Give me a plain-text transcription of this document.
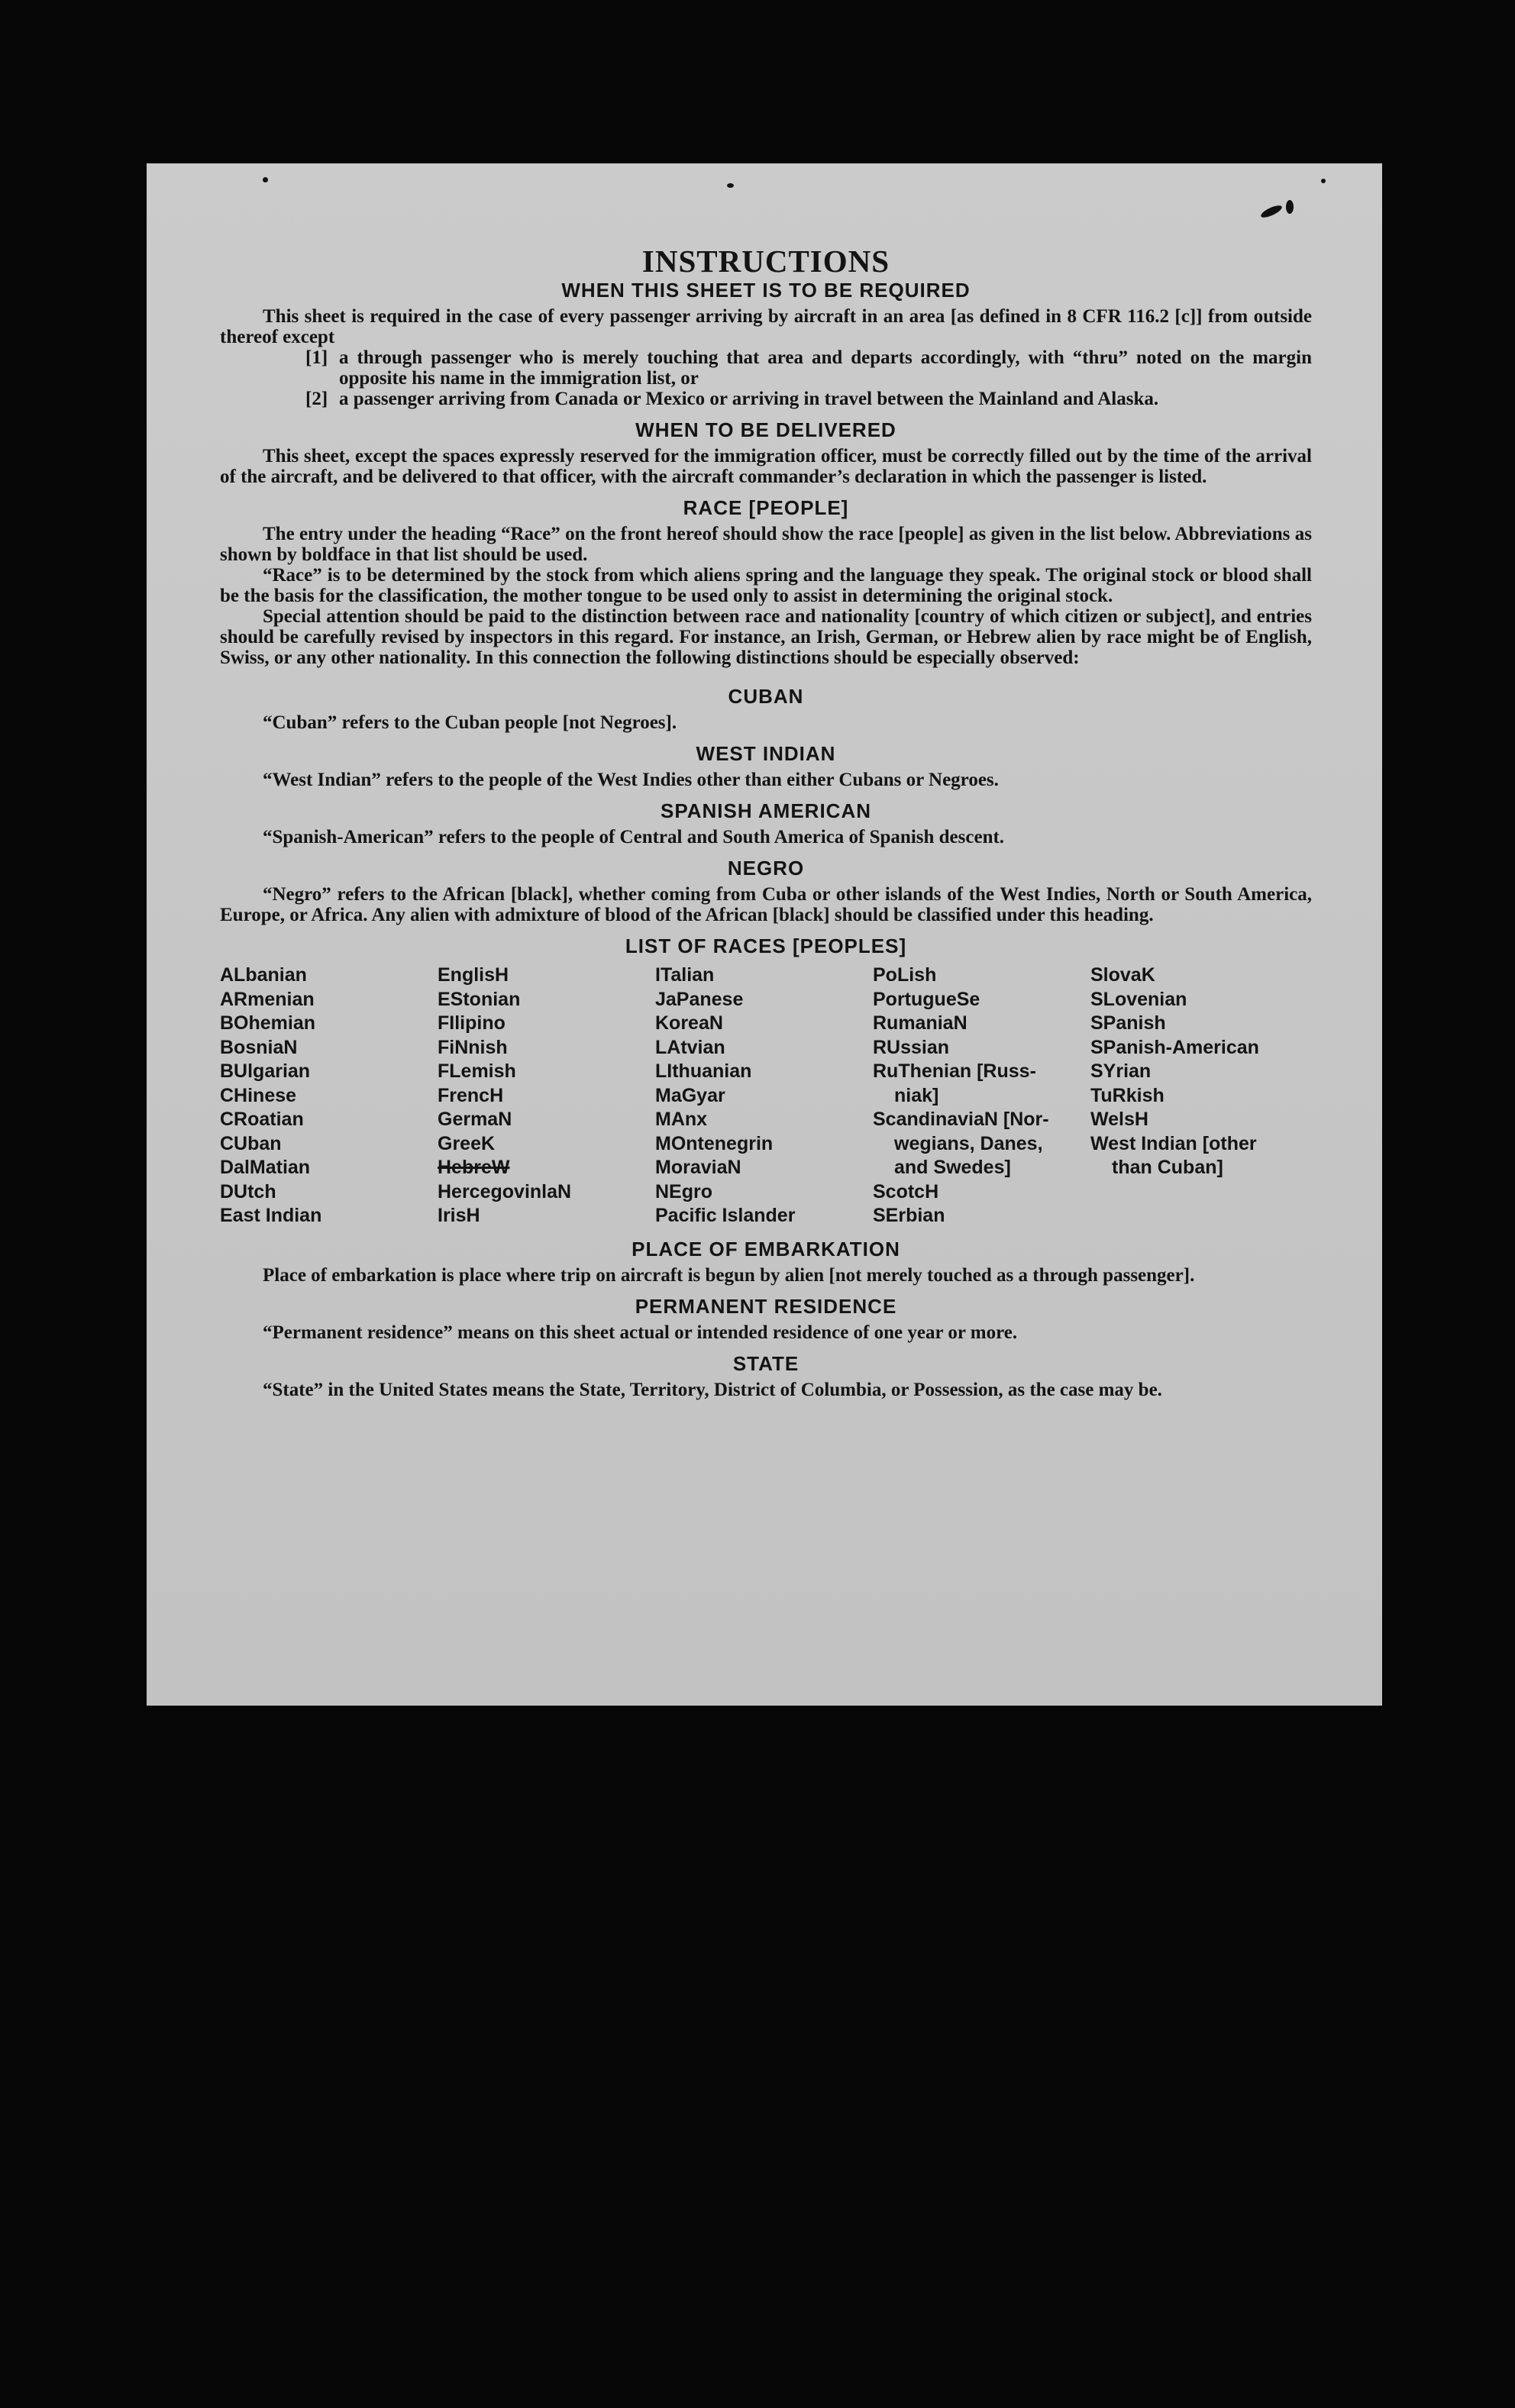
INSTRUCTIONS
WHEN THIS SHEET IS TO BE REQUIRED

This sheet is required in the case of every passenger arriving by aircraft in an area [as defined in 8 CFR 116.2 [c]] from outside thereof except

[1] a through passenger who is merely touching that area and departs accordingly, with “thru” noted on the margin opposite his name in the immigration list, or
[2] a passenger arriving from Canada or Mexico or arriving in travel between the Mainland and Alaska.
WHEN TO BE DELIVERED

This sheet, except the spaces expressly reserved for the immigration officer, must be correctly filled out by the time of the arrival of the aircraft, and be delivered to that officer, with the aircraft commander’s declaration in which the passenger is listed.

RACE [PEOPLE]

The entry under the heading “Race” on the front hereof should show the race [people] as given in the list below. Abbreviations as shown by boldface in that list should be used.

“Race” is to be determined by the stock from which aliens spring and the language they speak. The original stock or blood shall be the basis for the classification, the mother tongue to be used only to assist in determining the original stock.

Special attention should be paid to the distinction between race and nationality [country of which citizen or subject], and entries should be carefully revised by inspectors in this regard. For instance, an Irish, German, or Hebrew alien by race might be of English, Swiss, or any other nationality. In this connection the following distinctions should be especially observed:

CUBAN

“Cuban” refers to the Cuban people [not Negroes].

WEST INDIAN

“West Indian” refers to the people of the West Indies other than either Cubans or Negroes.

SPANISH AMERICAN

“Spanish-American” refers to the people of Central and South America of Spanish descent.

NEGRO

“Negro” refers to the African [black], whether coming from Cuba or other islands of the West Indies, North or South America, Europe, or Africa. Any alien with admixture of blood of the African [black] should be classified under this heading.

LIST OF RACES [PEOPLES]
ALbanian
ARmenian
BOhemian
BosniaN
BUlgarian
CHinese
CRoatian
CUban
DalMatian
DUtch
East Indian
EnglisH
EStonian
FIlipino
FiNnish
FLemish
FrencH
GermaN
GreeK
HebreW
HercegovinlaN
IrisH
ITalian
JaPanese
KoreaN
LAtvian
LIthuanian
MaGyar
MAnx
MOntenegrin
MoraviaN
NEgro
Pacific Islander
PoLish
PortugueSe
RumaniaN
RUssian
RuThenian [Russ-
niak]
ScandinaviaN [Nor-
wegians, Danes,
and Swedes]
ScotcH
SErbian
SlovaK
SLovenian
SPanish
SPanish-American
SYrian
TuRkish
WelsH
West Indian [other
than Cuban]
PLACE OF EMBARKATION

Place of embarkation is place where trip on aircraft is begun by alien [not merely touched as a through passenger].

PERMANENT RESIDENCE

“Permanent residence” means on this sheet actual or intended residence of one year or more.

STATE

“State” in the United States means the State, Territory, District of Columbia, or Possession, as the case may be.
